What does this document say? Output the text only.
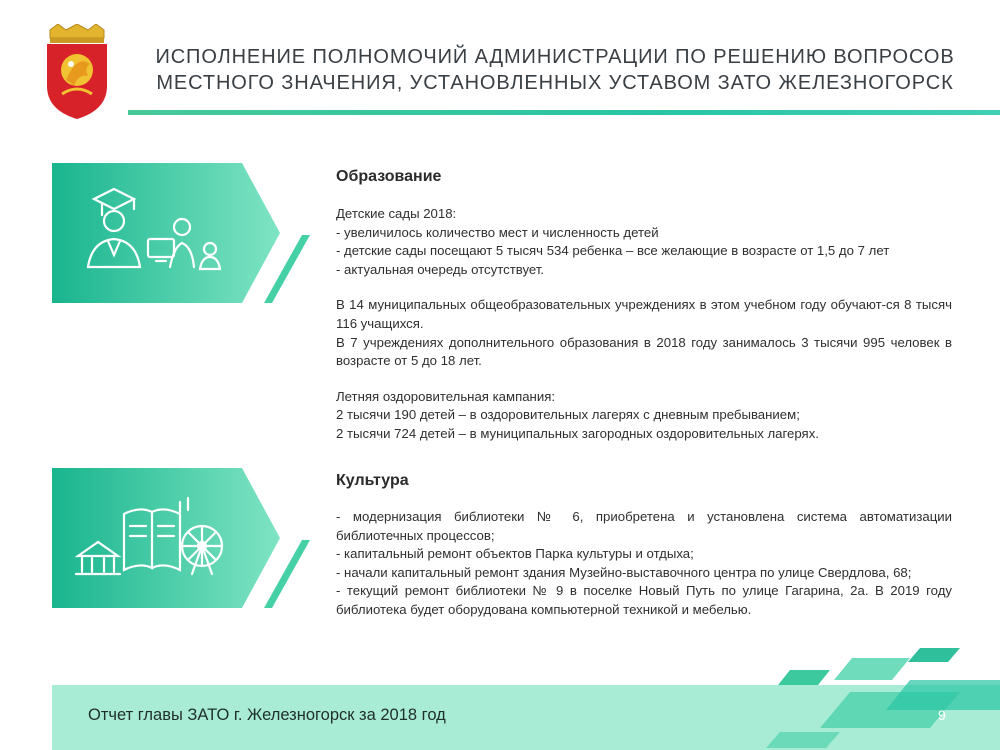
ИСПОЛНЕНИЕ ПОЛНОМОЧИЙ АДМИНИСТРАЦИИ ПО РЕШЕНИЮ ВОПРОСОВ
МЕСТНОГО ЗНАЧЕНИЯ, УСТАНОВЛЕННЫХ УСТАВОМ ЗАТО ЖЕЛЕЗНОГОРСК
Образование

Детские сады 2018:

- увеличилось количество мест и численность детей

- детские сады посещают 5 тысяч 534 ребенка – все желающие в возрасте от 1,5 до 7 лет

- актуальная очередь отсутствует.

В 14 муниципальных общеобразовательных учреждениях в этом учебном году обучают-ся 8 тысяч 116 учащихся.

В 7 учреждениях дополнительного образования в 2018 году занималось 3 тысячи 995 человек в возрасте от 5 до 18 лет.

Летняя оздоровительная кампания:

2 тысячи 190 детей – в оздоровительных лагерях с дневным пребыванием;

2 тысячи 724 детей – в муниципальных загородных оздоровительных лагерях.

Культура

- модернизация библиотеки № 6, приобретена и установлена система автоматизации библиотечных процессов;

- капитальный ремонт объектов Парка культуры и отдыха;

- начали капитальный ремонт здания Музейно-выставочного центра по улице Свердлова, 68;

- текущий ремонт библиотеки № 9 в поселке Новый Путь по улице Гагарина, 2а. В 2019 году библиотека будет оборудована компьютерной техникой и мебелью.

Отчет главы ЗАТО г. Железногорск за 2018 год	9
